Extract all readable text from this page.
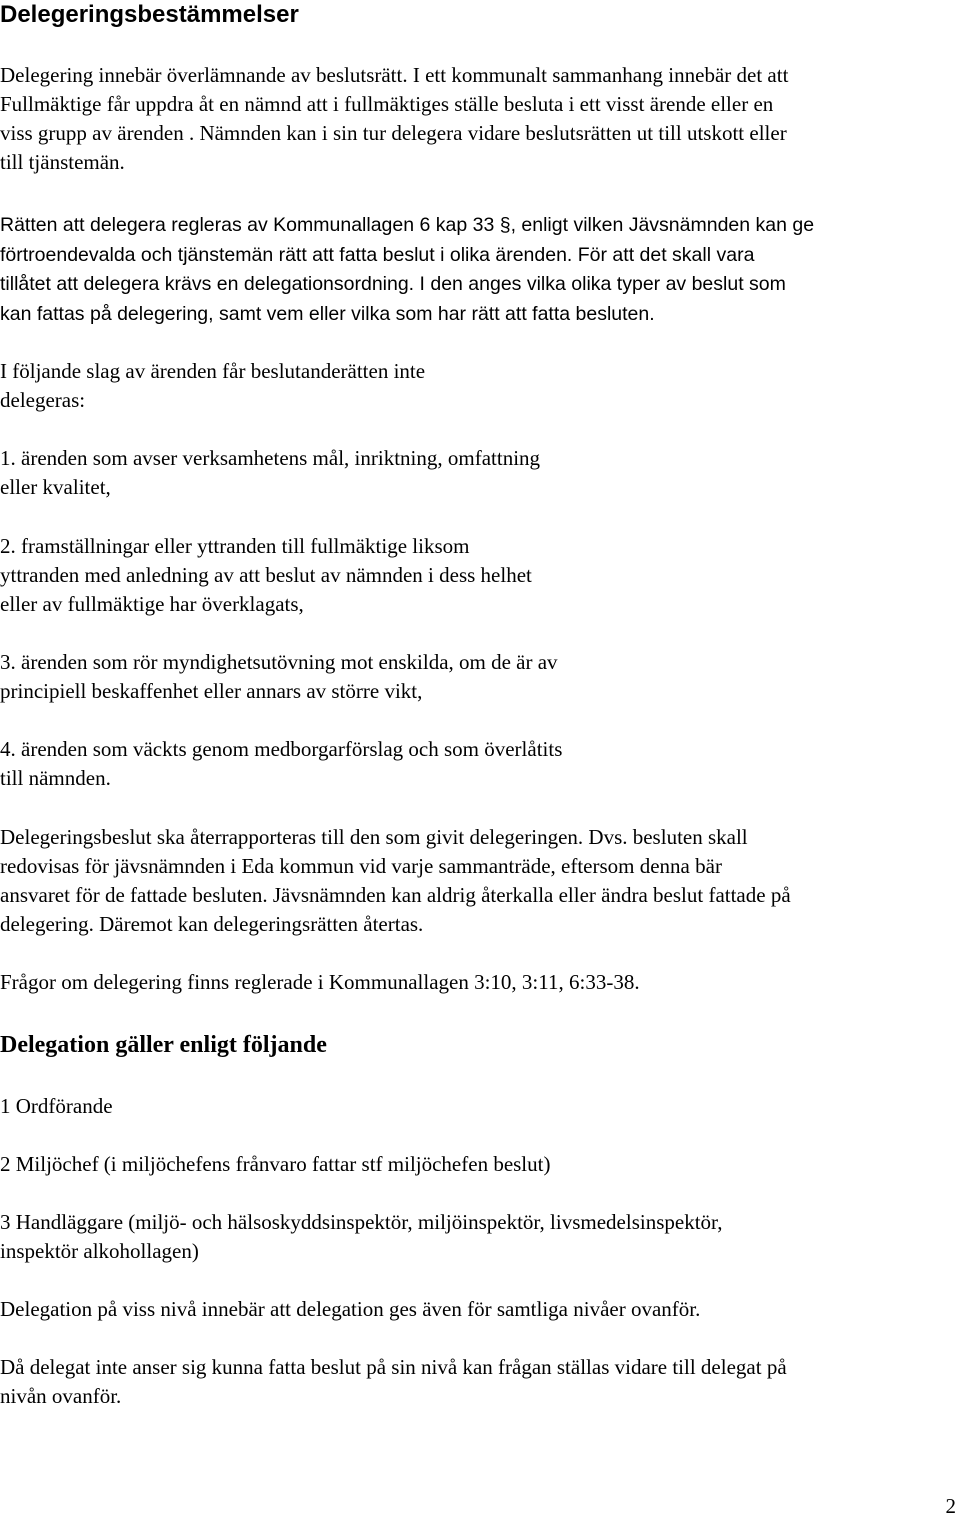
Delegeringsbestämmelser

Delegering innebär överlämnande av beslutsrätt. I ett kommunalt sammanhang innebär det att
Fullmäktige får uppdra åt en nämnd att i fullmäktiges ställe besluta i ett visst ärende eller en
viss grupp av ärenden . Nämnden kan i sin tur delegera vidare beslutsrätten ut till utskott eller
till tjänstemän.

Rätten att delegera regleras av Kommunallagen 6 kap 33 §, enligt vilken Jävsnämnden kan ge
förtroendevalda och tjänstemän rätt att fatta beslut i olika ärenden. För att det skall vara
tillåtet att delegera krävs en delegationsordning. I den anges vilka olika typer av beslut som
kan fattas på delegering, samt vem eller vilka som har rätt att fatta besluten.

I följande slag av ärenden får beslutanderätten inte
delegeras:

1. ärenden som avser verksamhetens mål, inriktning, omfattning
eller kvalitet,

2. framställningar eller yttranden till fullmäktige liksom
yttranden med anledning av att beslut av nämnden i dess helhet
eller av fullmäktige har överklagats,

3. ärenden som rör myndighetsutövning mot enskilda, om de är av
principiell beskaffenhet eller annars av större vikt,

4. ärenden som väckts genom medborgarförslag och som överlåtits
till nämnden.

Delegeringsbeslut ska återrapporteras till den som givit delegeringen. Dvs. besluten skall
redovisas för jävsnämnden i Eda kommun vid varje sammanträde, eftersom denna bär
ansvaret för de fattade besluten. Jävsnämnden kan aldrig återkalla eller ändra beslut fattade på
delegering. Däremot kan delegeringsrätten återtas.

Frågor om delegering finns reglerade i Kommunallagen 3:10, 3:11, 6:33-38.

Delegation gäller enligt följande

1 Ordförande

2 Miljöchef (i miljöchefens frånvaro fattar stf miljöchefen beslut)

3 Handläggare (miljö- och hälsoskyddsinspektör, miljöinspektör, livsmedelsinspektör,
inspektör alkohollagen)

Delegation på viss nivå innebär att delegation ges även för samtliga nivåer ovanför.

Då delegat inte anser sig kunna fatta beslut på sin nivå kan frågan ställas vidare till delegat på
nivån ovanför.

2
